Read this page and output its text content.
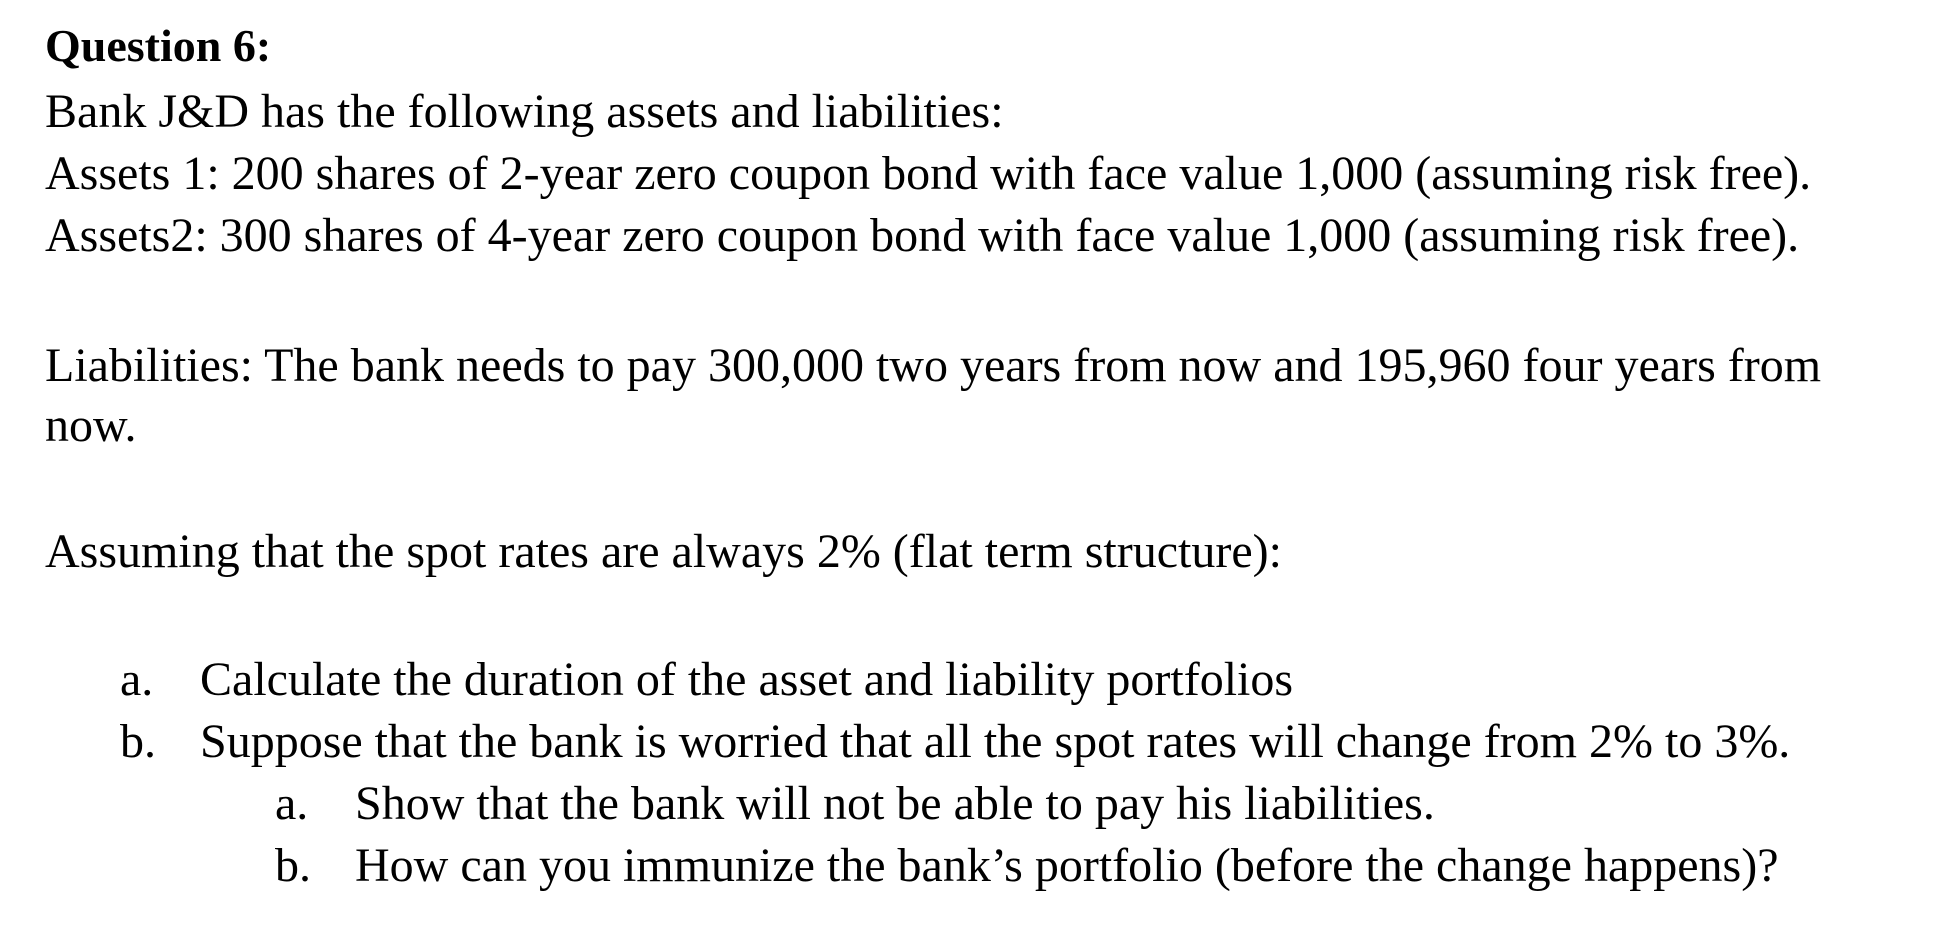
Question 6:
Bank J&D has the following assets and liabilities:
Assets 1: 200 shares of 2-year zero coupon bond with face value 1,000 (assuming risk free).
Assets2: 300 shares of 4-year zero coupon bond with face value 1,000 (assuming risk free).
Liabilities: The bank needs to pay 300,000 two years from now and 195,960 four years from
now.
Assuming that the spot rates are always 2% (flat term structure):
a. Calculate the duration of the asset and liability portfolios
b. Suppose that the bank is worried that all the spot rates will change from 2% to 3%.
a. Show that the bank will not be able to pay his liabilities.
b. How can you immunize the bank’s portfolio (before the change happens)?
